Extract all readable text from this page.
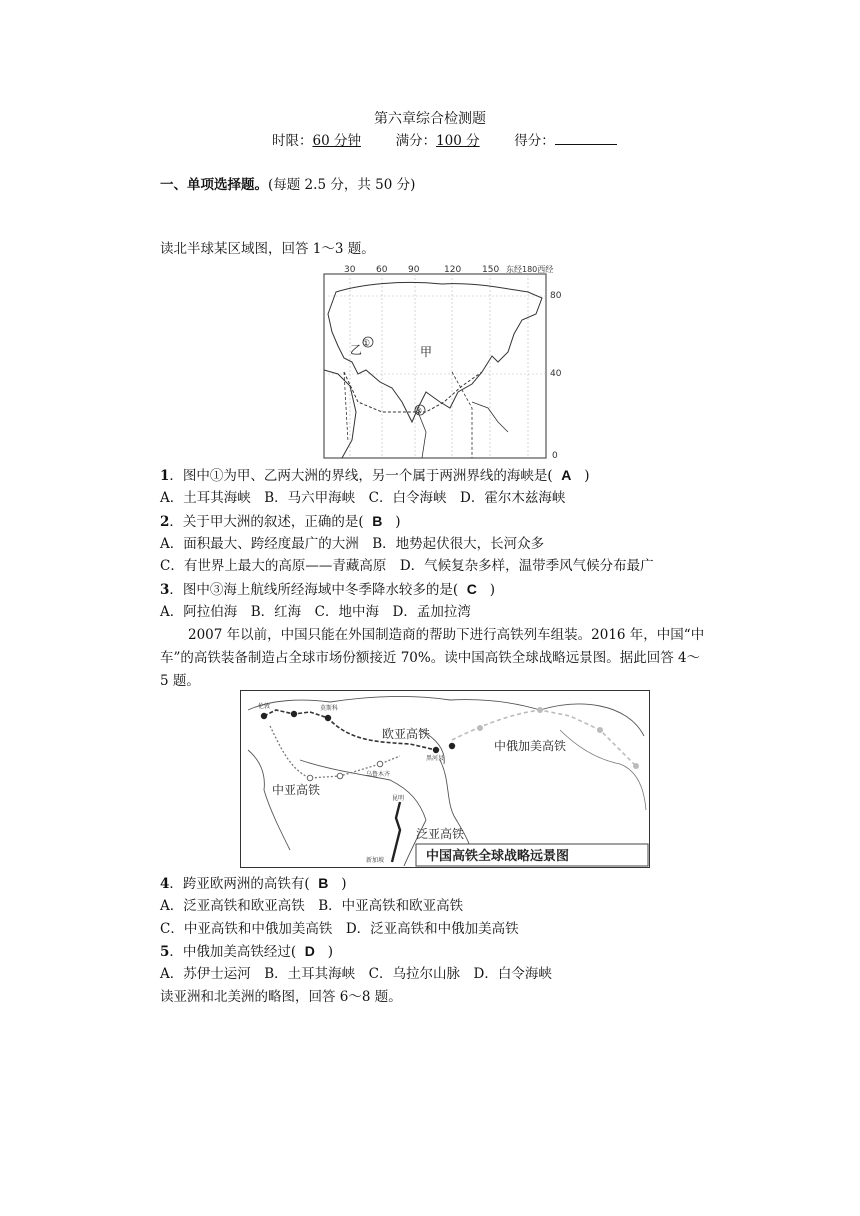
第六章综合检测题
时限：60 分钟	满分：100 分	得分：
一、单项选择题。(每题 2.5 分，共 50 分)
读北半球某区域图，回答 1～3 题。
30 60 90	120 150 东经180西经
80
40
0
甲
乙 ①
③
1．图中①为甲、乙两大洲的界线，另一个属于两洲界线的海峡是( A )
A．土耳其海峡　B．马六甲海峡　C．白令海峡　D．霍尔木兹海峡
2．关于甲大洲的叙述，正确的是( B )
A．面积最大、跨经度最广的大洲　B．地势起伏很大，长河众多
C．有世界上最大的高原——青藏高原　D．气候复杂多样，温带季风气候分布最广
3．图中③海上航线所经海域中冬季降水较多的是( C )
A．阿拉伯海　B．红海　C．地中海　D．孟加拉湾
2007 年以前，中国只能在外国制造商的帮助下进行高铁列车组装。2016 年，中国“中
车”的高铁装备制造占全球市场份额接近 70%。读中国高铁全球战略远景图。据此回答 4～
5 题。
欧亚高铁
中俄加美高铁
中亚高铁
泛亚高铁
伦敦	莫斯科
乌鲁木齐
黑河县
昆明
新加坡	中国高铁全球战略远景图
4．跨亚欧两洲的高铁有( B )
A．泛亚高铁和欧亚高铁　B．中亚高铁和欧亚高铁
C．中亚高铁和中俄加美高铁　D．泛亚高铁和中俄加美高铁
5．中俄加美高铁经过( D )
A．苏伊士运河　B．土耳其海峡　C．乌拉尔山脉　D．白令海峡
读亚洲和北美洲的略图，回答 6～8 题。
